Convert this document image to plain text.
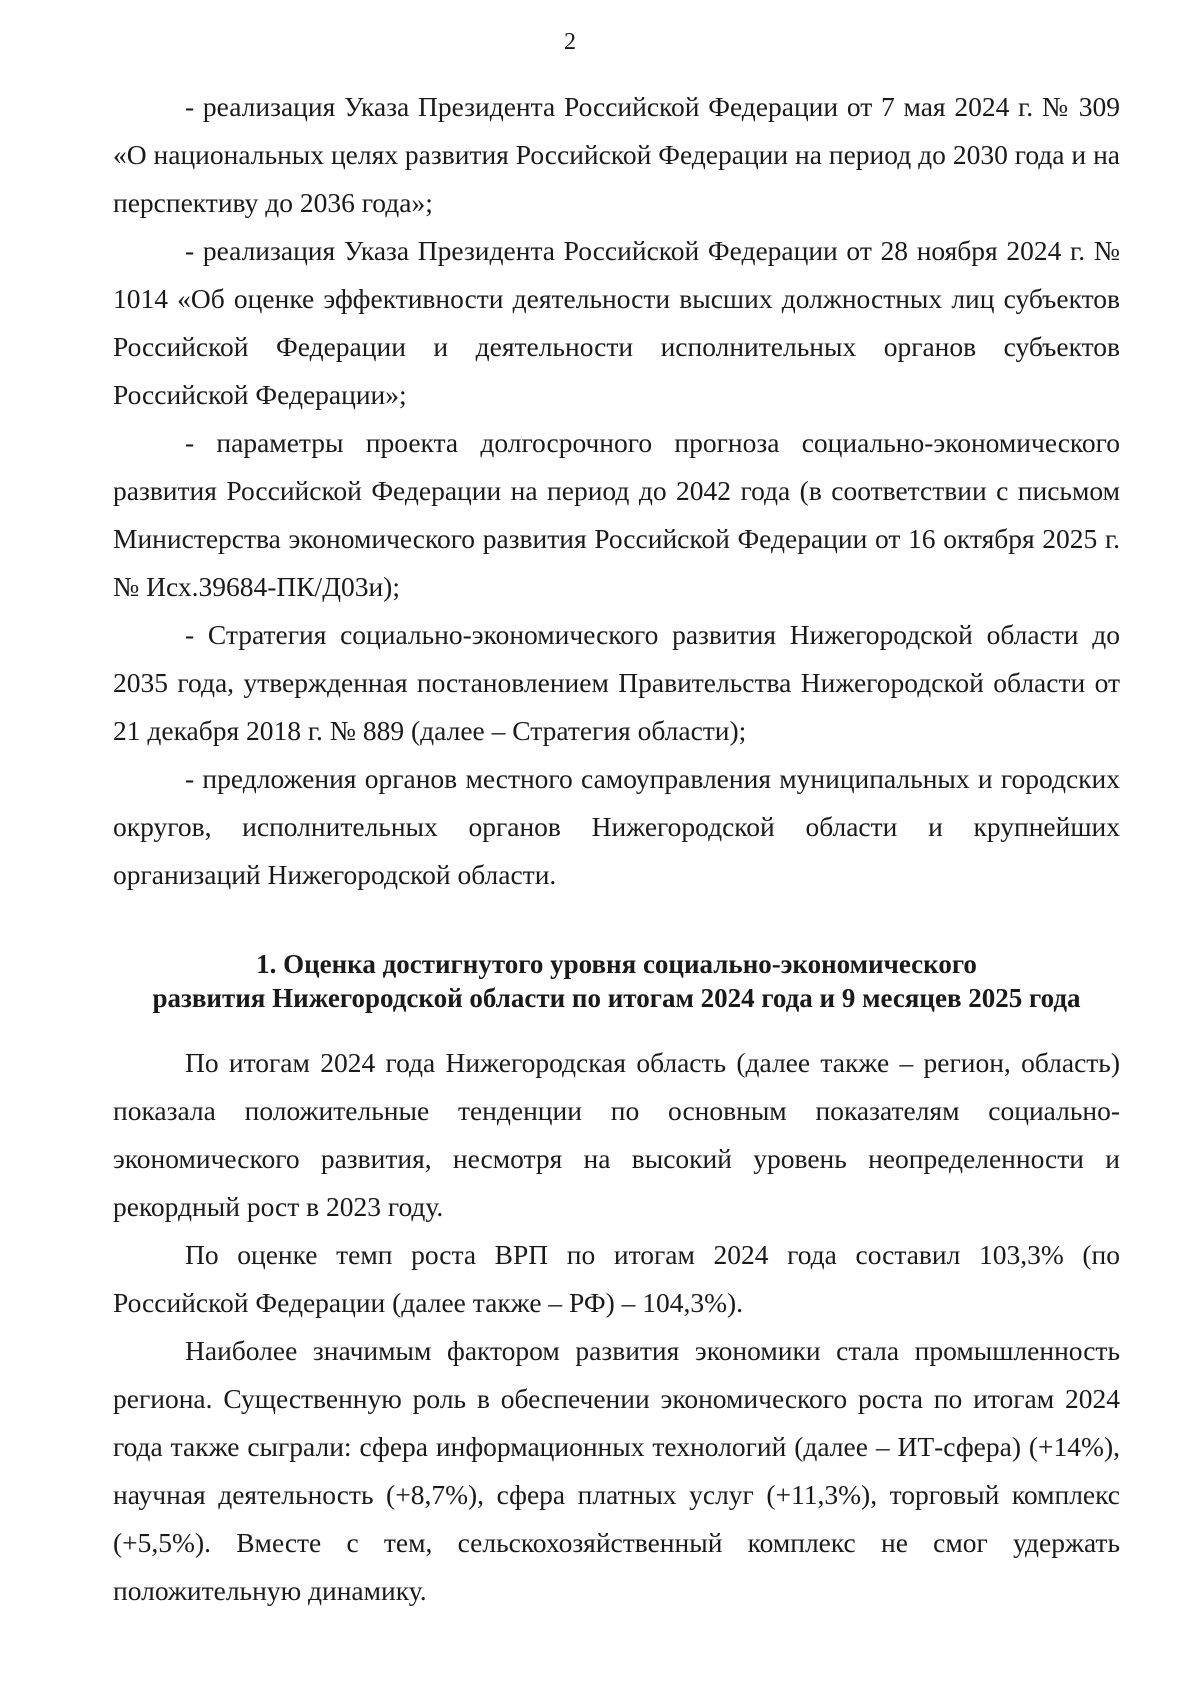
2

- реализация Указа Президента Российской Федерации от 7 мая 2024 г. № 309 «О национальных целях развития Российской Федерации на период до 2030 года и на перспективу до 2036 года»;

- реализация Указа Президента Российской Федерации от 28 ноября 2024 г. № 1014 «Об оценке эффективности деятельности высших должностных лиц субъектов Российской Федерации и деятельности исполнительных органов субъектов Российской Федерации»;

- параметры проекта долгосрочного прогноза социально-экономического развития Российской Федерации на период до 2042 года (в соответствии с письмом Министерства экономического развития Российской Федерации от 16 октября 2025 г. № Исх.39684-ПК/Д03и);

- Стратегия социально-экономического развития Нижегородской области до 2035 года, утвержденная постановлением Правительства Нижегородской области от 21 декабря 2018 г. № 889 (далее – Стратегия области);

- предложения органов местного самоуправления муниципальных и городских округов, исполнительных органов Нижегородской области и крупнейших организаций Нижегородской области.

1. Оценка достигнутого уровня социально-экономического
развития Нижегородской области по итогам 2024 года и 9 месяцев 2025 года

По итогам 2024 года Нижегородская область (далее также – регион, область) показала положительные тенденции по основным показателям социально-экономического развития, несмотря на высокий уровень неопределенности и рекордный рост в 2023 году.

По оценке темп роста ВРП по итогам 2024 года составил 103,3% (по Российской Федерации (далее также – РФ) – 104,3%).

Наиболее значимым фактором развития экономики стала промышленность региона. Существенную роль в обеспечении экономического роста по итогам 2024 года также сыграли: сфера информационных технологий (далее – ИТ-сфера) (+14%), научная деятельность (+8,7%), сфера платных услуг (+11,3%), торговый комплекс (+5,5%). Вместе с тем, сельскохозяйственный комплекс не смог удержать положительную динамику.
